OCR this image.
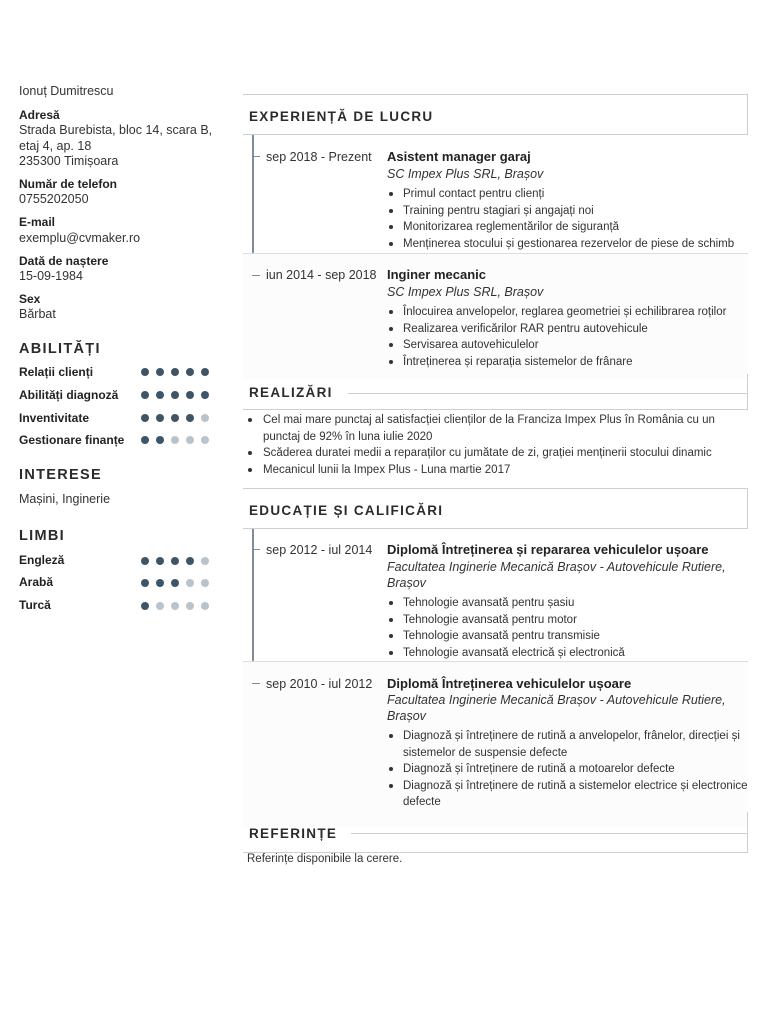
Ionuț Dumitrescu
Adresă
Strada Burebista, bloc 14, scara B,
etaj 4, ap. 18
235300 Timișoara
Număr de telefon
0755202050
E-mail
exemplu@cvmaker.ro
Dată de naștere
15-09-1984
Sex
Bărbat
ABILITĂȚI
Relații clienți
Abilități diagnoză
Inventivitate
Gestionare finanțe
INTERESE
Mașini, Inginerie
LIMBI
Engleză
Arabă
Turcă
EXPERIENȚĂ DE LUCRU
sep 2018 - Prezent Asistent manager garaj
SC Impex Plus SRL, Brașov
Primul contact pentru clienți
Training pentru stagiari și angajați noi
Monitorizarea reglementărilor de siguranță
Menținerea stocului și gestionarea rezervelor de piese de schimb
iun 2014 - sep 2018 Inginer mecanic
SC Impex Plus SRL, Brașov
Înlocuirea anvelopelor, reglarea geometriei și echilibrarea roților
Realizarea verificărilor RAR pentru autovehicule
Servisarea autovehiculelor
Întreținerea și reparația sistemelor de frânare
REALIZĂRI
Cel mai mare punctaj al satisfacției clienților de la Franciza Impex Plus în România cu un punctaj de 92% în luna iulie 2020
Scăderea duratei medii a reparaților cu jumătate de zi, grației menținerii stocului dinamic
Mecanicul lunii la Impex Plus - Luna martie 2017
EDUCAȚIE ȘI CALIFICĂRI
sep 2012 - iul 2014 Diplomă Întreținerea și repararea vehiculelor ușoare
Facultatea Inginerie Mecanică Brașov - Autovehicule Rutiere, Brașov
Tehnologie avansată pentru șasiu
Tehnologie avansată pentru motor
Tehnologie avansată pentru transmisie
Tehnologie avansată electrică și electronică
sep 2010 - iul 2012 Diplomă Întreținerea vehiculelor ușoare
Facultatea Inginerie Mecanică Brașov - Autovehicule Rutiere, Brașov
Diagnoză și întreținere de rutină a anvelopelor, frânelor, direcției și sistemelor de suspensie defecte
Diagnoză și întreținere de rutină a motoarelor defecte
Diagnoză și întreținere de rutină a sistemelor electrice și electronice defecte
REFERINȚE
Referințe disponibile la cerere.
